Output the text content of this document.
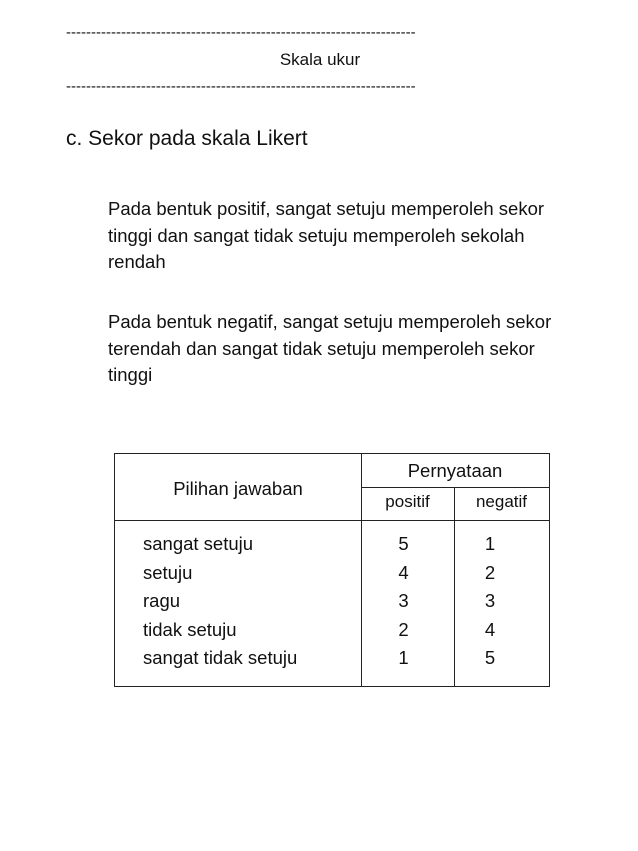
----------------------------------------------------------------------
Skala ukur
----------------------------------------------------------------------
c. Sekor pada skala Likert
Pada bentuk positif, sangat setuju memperoleh sekor tinggi dan sangat tidak setuju memperoleh sekolah rendah
Pada bentuk negatif, sangat setuju memperoleh sekor terendah dan sangat tidak setuju memperoleh sekor tinggi
Pilihan jawaban
Pernyataan
positif	negatif
sangat setuju	5	1
setuju	4	2
ragu	3	3
tidak setuju	2	4
sangat tidak setuju	1	5
